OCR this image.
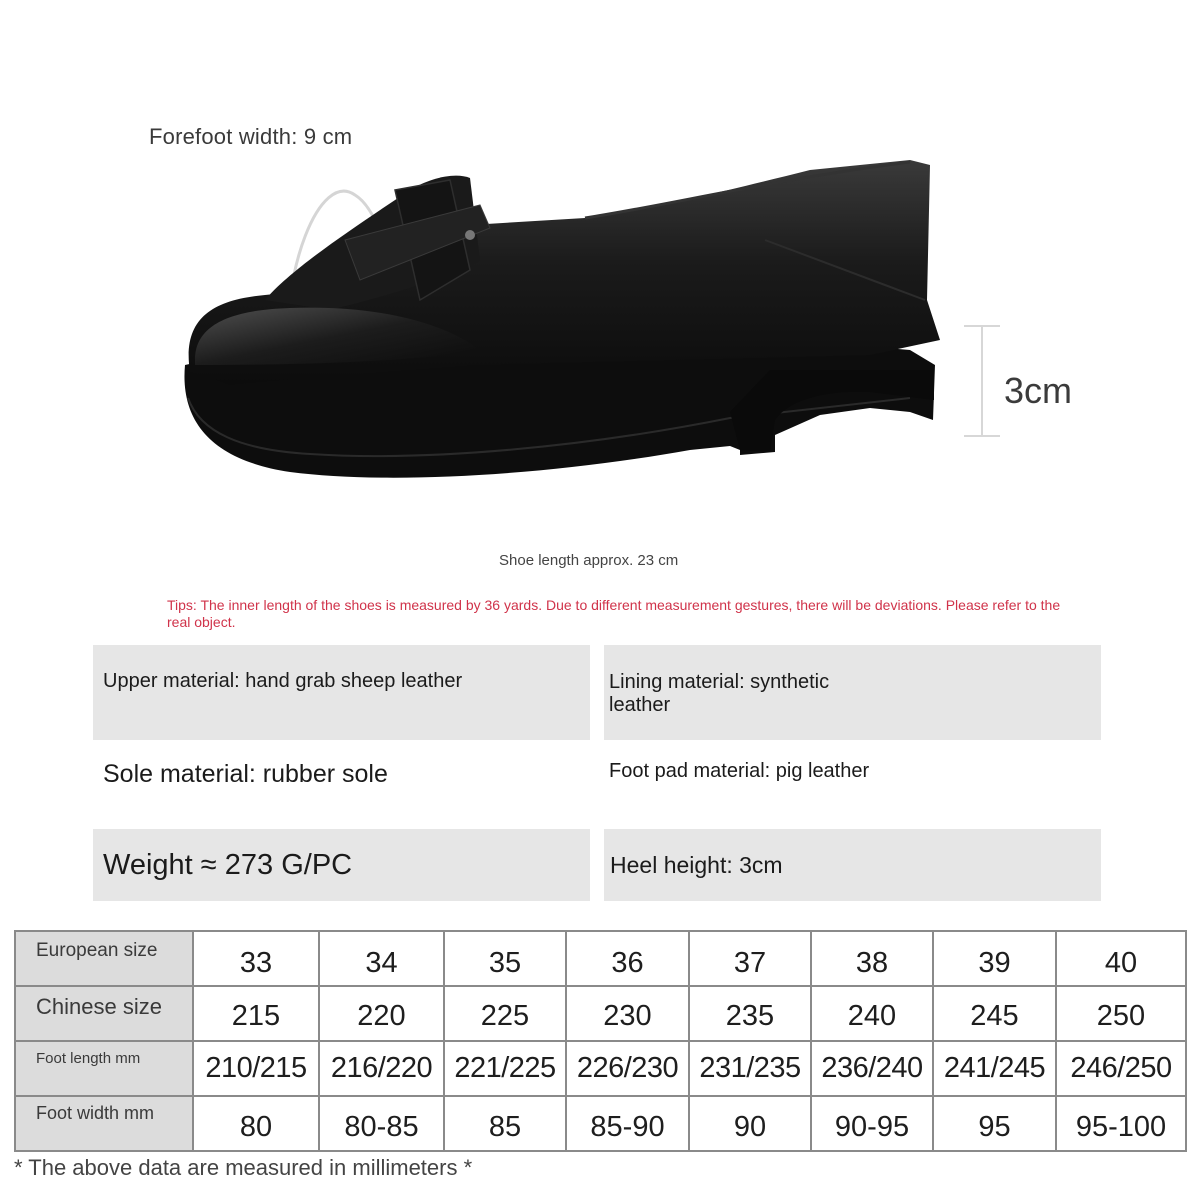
Forefoot width: 9 cm
3cm
Shoe length approx. 23 cm
Tips: The inner length of the shoes is measured by 36 yards. Due to different measurement gestures, there will be deviations. Please refer to the real object.
Upper material: hand grab sheep leather	Lining material: synthetic leather
Sole material: rubber sole	Foot pad material: pig leather
Weight ≈ 273 G/PC	Heel height: 3cm
European size	33	34	35	36	37	38	39	40

Chinese size	215	220	225	230	235	240	245	250

Foot length mm	210/215	216/220	221/225	226/230	231/235	236/240	241/245	246/250

Foot width mm	80	80-85	85	85-90	90	90-95	95	95-100
* The above data are measured in millimeters *
